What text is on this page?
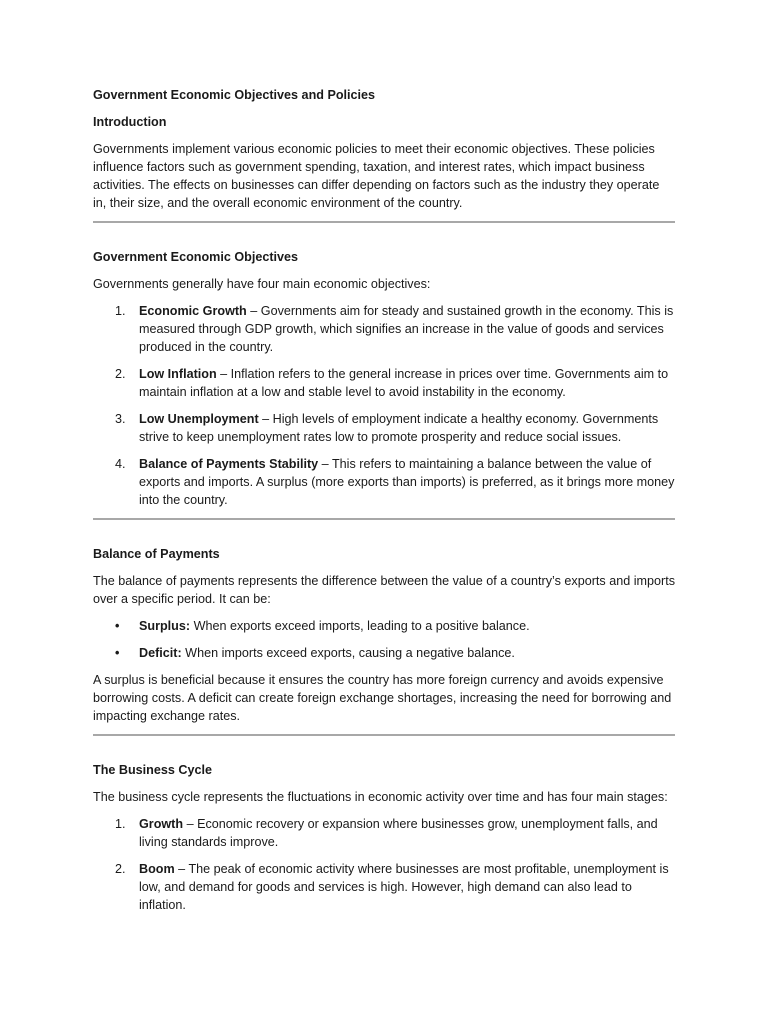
Government Economic Objectives and Policies
Introduction

Governments implement various economic policies to meet their economic objectives. These policies influence factors such as government spending, taxation, and interest rates, which impact business activities. The effects on businesses can differ depending on factors such as the industry they operate in, their size, and the overall economic environment of the country.

Government Economic Objectives

Governments generally have four main economic objectives:

1.	Economic Growth – Governments aim for steady and sustained growth in the economy. This is measured through GDP growth, which signifies an increase in the value of goods and services produced in the country.
2.	Low Inflation – Inflation refers to the general increase in prices over time. Governments aim to maintain inflation at a low and stable level to avoid instability in the economy.
3.	Low Unemployment – High levels of employment indicate a healthy economy. Governments strive to keep unemployment rates low to promote prosperity and reduce social issues.
4.	Balance of Payments Stability – This refers to maintaining a balance between the value of exports and imports. A surplus (more exports than imports) is preferred, as it brings more money into the country.
Balance of Payments

The balance of payments represents the difference between the value of a country’s exports and imports over a specific period. It can be:

• Surplus: When exports exceed imports, leading to a positive balance.
• Deficit: When imports exceed exports, causing a negative balance.

A surplus is beneficial because it ensures the country has more foreign currency and avoids expensive borrowing costs. A deficit can create foreign exchange shortages, increasing the need for borrowing and impacting exchange rates.

The Business Cycle

The business cycle represents the fluctuations in economic activity over time and has four main stages:

1.	Growth – Economic recovery or expansion where businesses grow, unemployment falls, and living standards improve.
2.	Boom – The peak of economic activity where businesses are most profitable, unemployment is low, and demand for goods and services is high. However, high demand can also lead to inflation.
